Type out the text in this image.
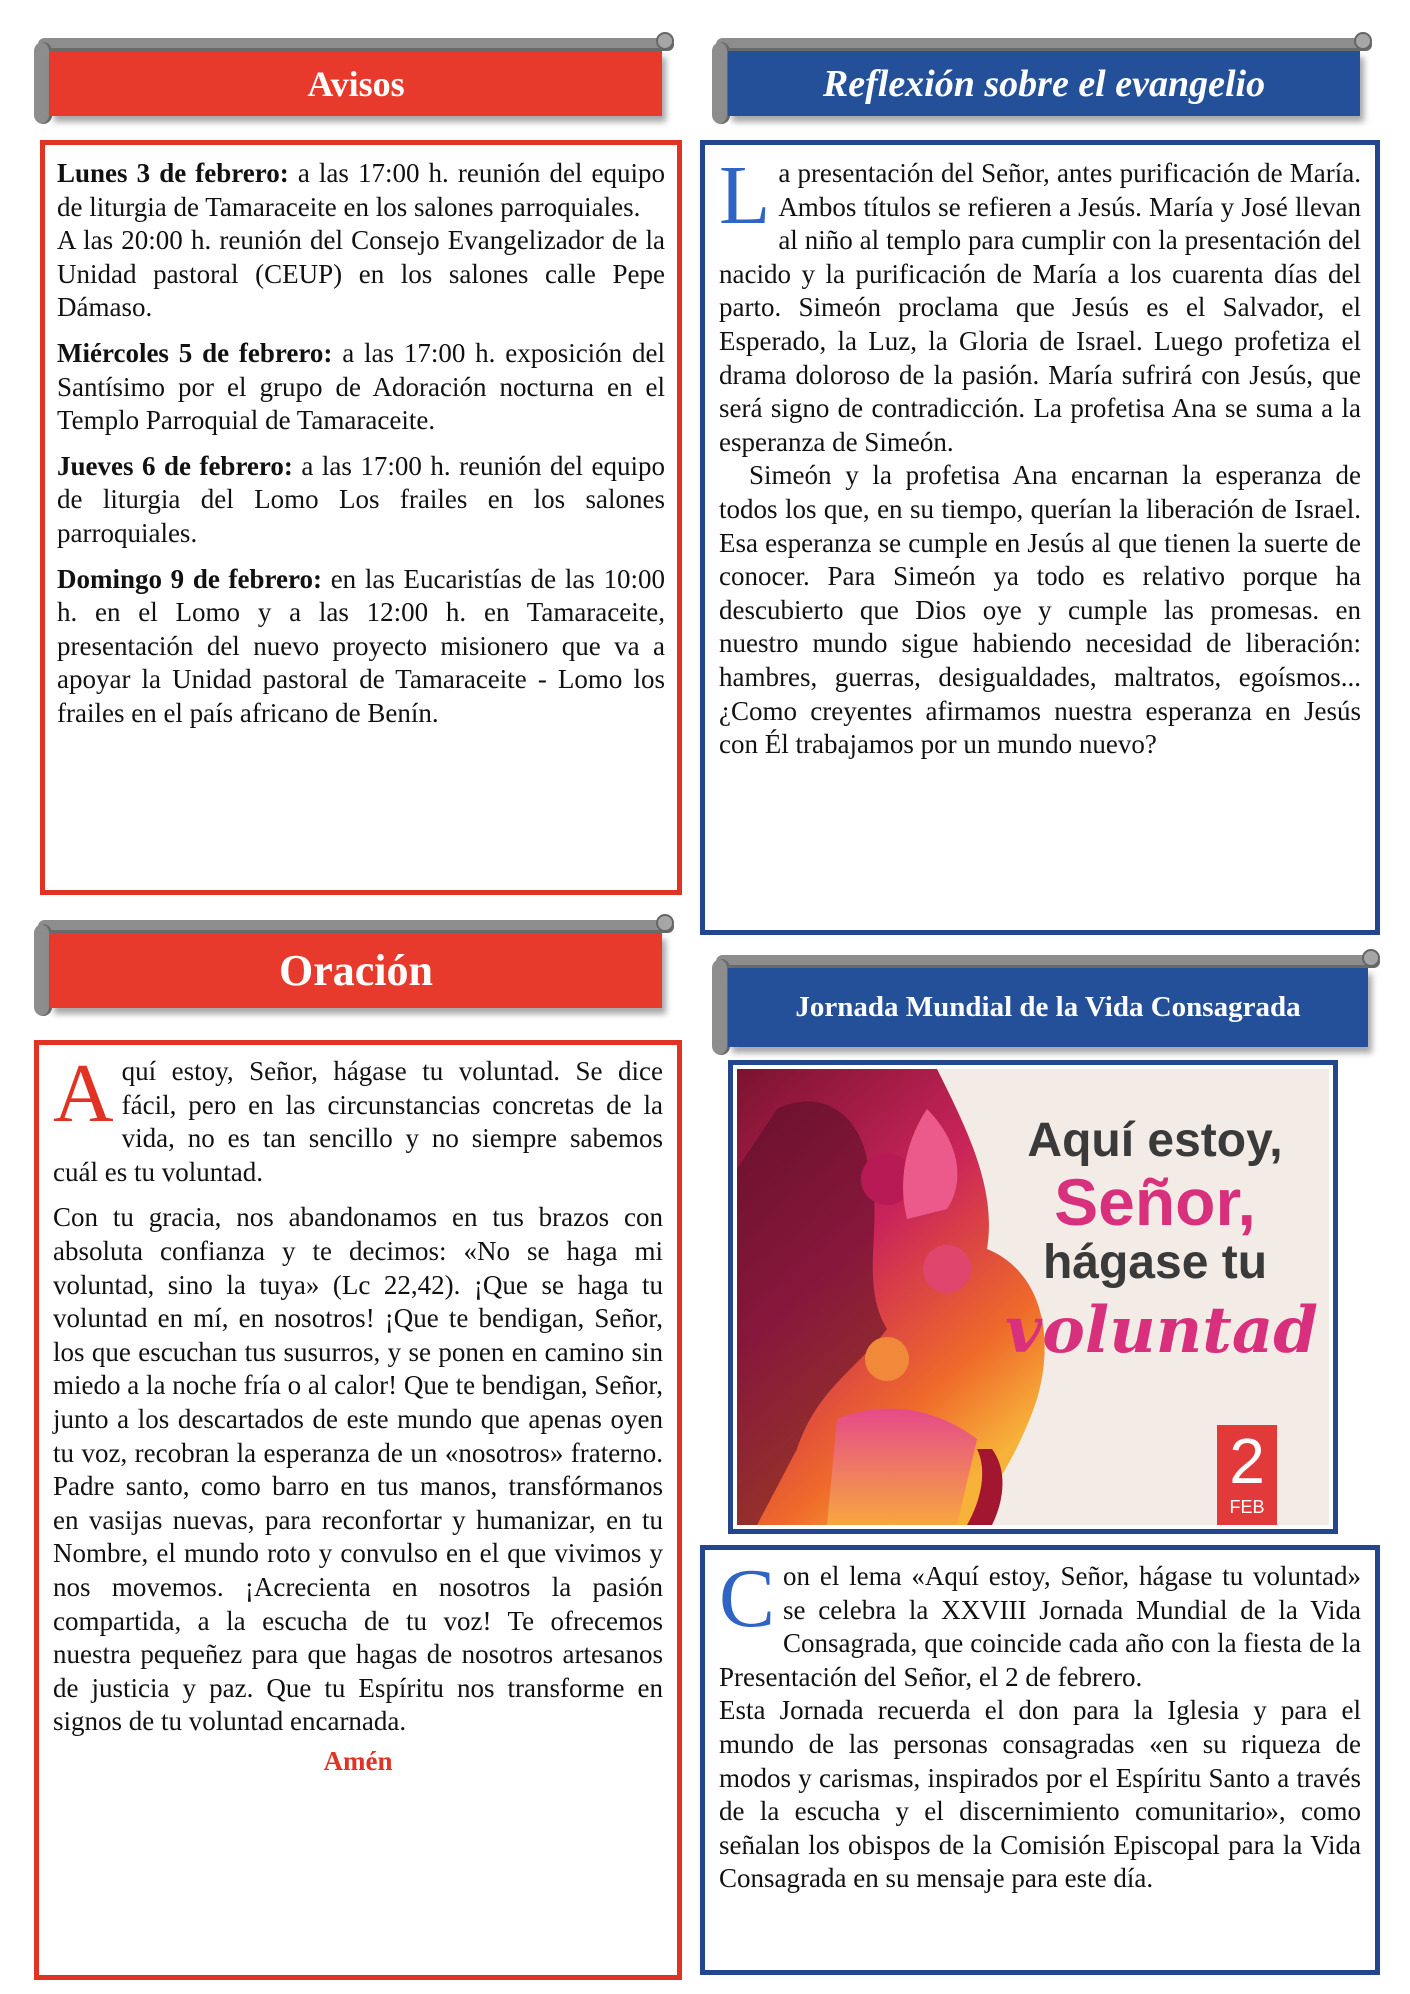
Avisos

Lunes 3 de febrero: a las 17:00 h. reunión del equipo de liturgia de Tamaraceite en los salones parroquiales.

A las 20:00 h. reunión del Consejo Evangelizador de la Unidad pastoral (CEUP) en los salones calle Pepe Dámaso.

Miércoles 5 de febrero: a las 17:00 h. exposición del Santísimo por el grupo de Adoración nocturna en el Templo Parroquial de Tamaraceite.

Jueves 6 de febrero: a las 17:00 h. reunión del equipo de liturgia del Lomo Los frailes en los salones parroquiales.

Domingo 9 de febrero: en las Eucaristías de las 10:00 h. en el Lomo y a las 12:00 h. en Tamaraceite, presentación del nuevo proyecto misionero que va a apoyar la Unidad pastoral de Tamaraceite - Lomo los frailes en el país africano de Benín.

Reflexión sobre el evangelio

La presentación del Señor, antes purificación de María. Ambos títulos se refieren a Jesús. María y José llevan al niño al templo para cumplir con la presentación del nacido y la purificación de María a los cuarenta días del parto. Simeón proclama que Jesús es el Salvador, el Esperado, la Luz, la Gloria de Israel. Luego profetiza el drama doloroso de la pasión. María sufrirá con Jesús, que será signo de contradicción. La profetisa Ana se suma a la esperanza de Simeón.

Simeón y la profetisa Ana encarnan la esperanza de todos los que, en su tiempo, querían la liberación de Israel. Esa esperanza se cumple en Jesús al que tienen la suerte de conocer. Para Simeón ya todo es relativo porque ha descubierto que Dios oye y cumple las promesas. en nuestro mundo sigue habiendo necesidad de liberación: hambres, guerras, desigualdades, maltratos, egoísmos... ¿Como creyentes afirmamos nuestra esperanza en Jesús con Él trabajamos por un mundo nuevo?

Oración

Aquí estoy, Señor, hágase tu voluntad. Se dice fácil, pero en las circunstancias concretas de la vida, no es tan sencillo y no siempre sabemos cuál es tu voluntad.

Con tu gracia, nos abandonamos en tus brazos con absoluta confianza y te decimos: «No se haga mi voluntad, sino la tuya» (Lc 22,42). ¡Que se haga tu voluntad en mí, en nosotros! ¡Que te bendigan, Señor, los que escuchan tus susurros, y se ponen en camino sin miedo a la noche fría o al calor! Que te bendigan, Señor, junto a los descartados de este mundo que apenas oyen tu voz, recobran la esperanza de un «nosotros» fraterno. Padre santo, como barro en tus manos, transfórmanos en vasijas nuevas, para reconfortar y humanizar, en tu Nombre, el mundo roto y convulso en el que vivimos y nos movemos. ¡Acrecienta en nosotros la pasión compartida, a la escucha de tu voz! Te ofrecemos nuestra pequeñez para que hagas de nosotros artesanos de justicia y paz. Que tu Espíritu nos transforme en signos de tu voluntad encarnada.

Amén

Jornada Mundial de la Vida Consagrada
Aquí estoy,
Señor,
hágase tu
voluntad
2
FEB

Con el lema «Aquí estoy, Señor, hágase tu voluntad» se celebra la XXVIII Jornada Mundial de la Vida Consagrada, que coincide cada año con la fiesta de la Presentación del Señor, el 2 de febrero.

Esta Jornada recuerda el don para la Iglesia y para el mundo de las personas consagradas «en su riqueza de modos y carismas, inspirados por el Espíritu Santo a través de la escucha y el discernimiento comunitario», como señalan los obispos de la Comisión Episcopal para la Vida Consagrada en su mensaje para este día.
